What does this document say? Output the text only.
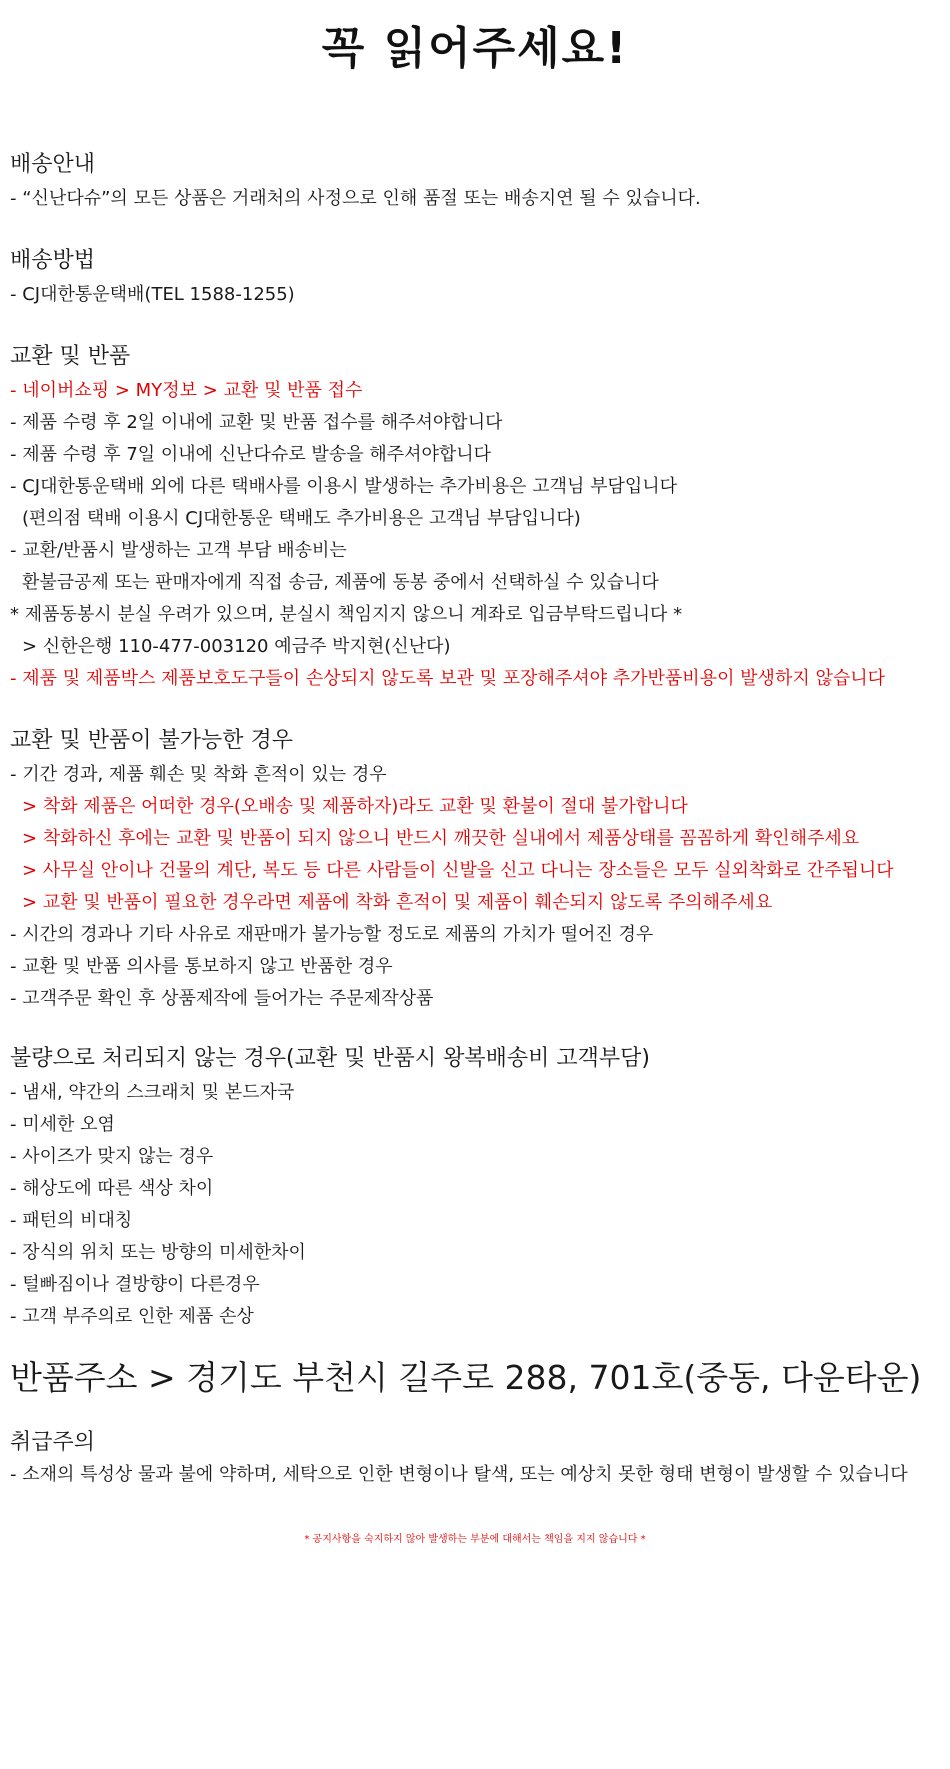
꼭 읽어주세요!
배송안내
- “신난다슈”의 모든 상품은 거래처의 사정으로 인해 품절 또는 배송지연 될 수 있습니다.
배송방법
- CJ대한통운택배(TEL 1588-1255)
교환 및 반품
- 네이버쇼핑 > MY정보 > 교환 및 반품 접수
- 제품 수령 후 2일 이내에 교환 및 반품 접수를 해주셔야합니다
- 제품 수령 후 7일 이내에 신난다슈로 발송을 해주셔야합니다
- CJ대한통운택배 외에 다른 택배사를 이용시 발생하는 추가비용은 고객님 부담입니다
(편의점 택배 이용시 CJ대한통운 택배도 추가비용은 고객님 부담입니다)
- 교환/반품시 발생하는 고객 부담 배송비는
환불금공제 또는 판매자에게 직접 송금, 제품에 동봉 중에서 선택하실 수 있습니다
* 제품동봉시 분실 우려가 있으며, 분실시 책임지지 않으니 계좌로 입금부탁드립니다 *
> 신한은행 110-477-003120 예금주 박지현(신난다)
- 제품 및 제품박스 제품보호도구들이 손상되지 않도록 보관 및 포장해주셔야 추가반품비용이 발생하지 않습니다
교환 및 반품이 불가능한 경우
- 기간 경과, 제품 훼손 및 착화 흔적이 있는 경우
> 착화 제품은 어떠한 경우(오배송 및 제품하자)라도 교환 및 환불이 절대 불가합니다
> 착화하신 후에는 교환 및 반품이 되지 않으니 반드시 깨끗한 실내에서 제품상태를 꼼꼼하게 확인해주세요
> 사무실 안이나 건물의 계단, 복도 등 다른 사람들이 신발을 신고 다니는 장소들은 모두 실외착화로 간주됩니다
> 교환 및 반품이 필요한 경우라면 제품에 착화 흔적이 및 제품이 훼손되지 않도록 주의해주세요
- 시간의 경과나 기타 사유로 재판매가 불가능할 정도로 제품의 가치가 떨어진 경우
- 교환 및 반품 의사를 통보하지 않고 반품한 경우
- 고객주문 확인 후 상품제작에 들어가는 주문제작상품
불량으로 처리되지 않는 경우(교환 및 반품시 왕복배송비 고객부담)
- 냄새, 약간의 스크래치 및 본드자국
- 미세한 오염
- 사이즈가 맞지 않는 경우
- 해상도에 따른 색상 차이
- 패턴의 비대칭
- 장식의 위치 또는 방향의 미세한차이
- 털빠짐이나 결방향이 다른경우
- 고객 부주의로 인한 제품 손상
반품주소 > 경기도 부천시 길주로 288, 701호(중동, 다운타운)
취급주의
- 소재의 특성상 물과 불에 약하며, 세탁으로 인한 변형이나 탈색, 또는 예상치 못한 형태 변형이 발생할 수 있습니다
* 공지사항을 숙지하지 않아 발생하는 부분에 대해서는 책임을 지지 않습니다 *
